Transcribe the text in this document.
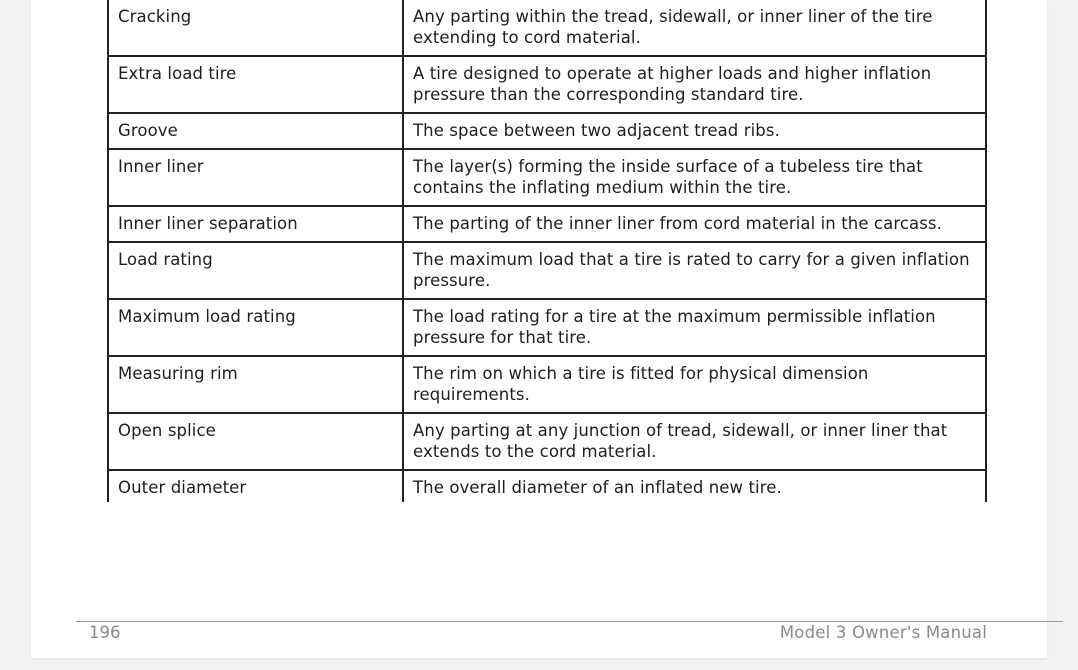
Cracking	Any parting within the tread, sidewall, or inner liner of the tire extending to cord material.
Extra load tire	A tire designed to operate at higher loads and higher inflation pressure than the corresponding standard tire.
Groove	The space between two adjacent tread ribs.
Inner liner	The layer(s) forming the inside surface of a tubeless tire that contains the inflating medium within the tire.
Inner liner separation	The parting of the inner liner from cord material in the carcass.
Load rating	The maximum load that a tire is rated to carry for a given inflation pressure.
Maximum load rating	The load rating for a tire at the maximum permissible inflation pressure for that tire.
Measuring rim	The rim on which a tire is fitted for physical dimension requirements.
Open splice	Any parting at any junction of tread, sidewall, or inner liner that extends to the cord material.
Outer diameter	The overall diameter of an inflated new tire.
196	Model 3 Owner's Manual
